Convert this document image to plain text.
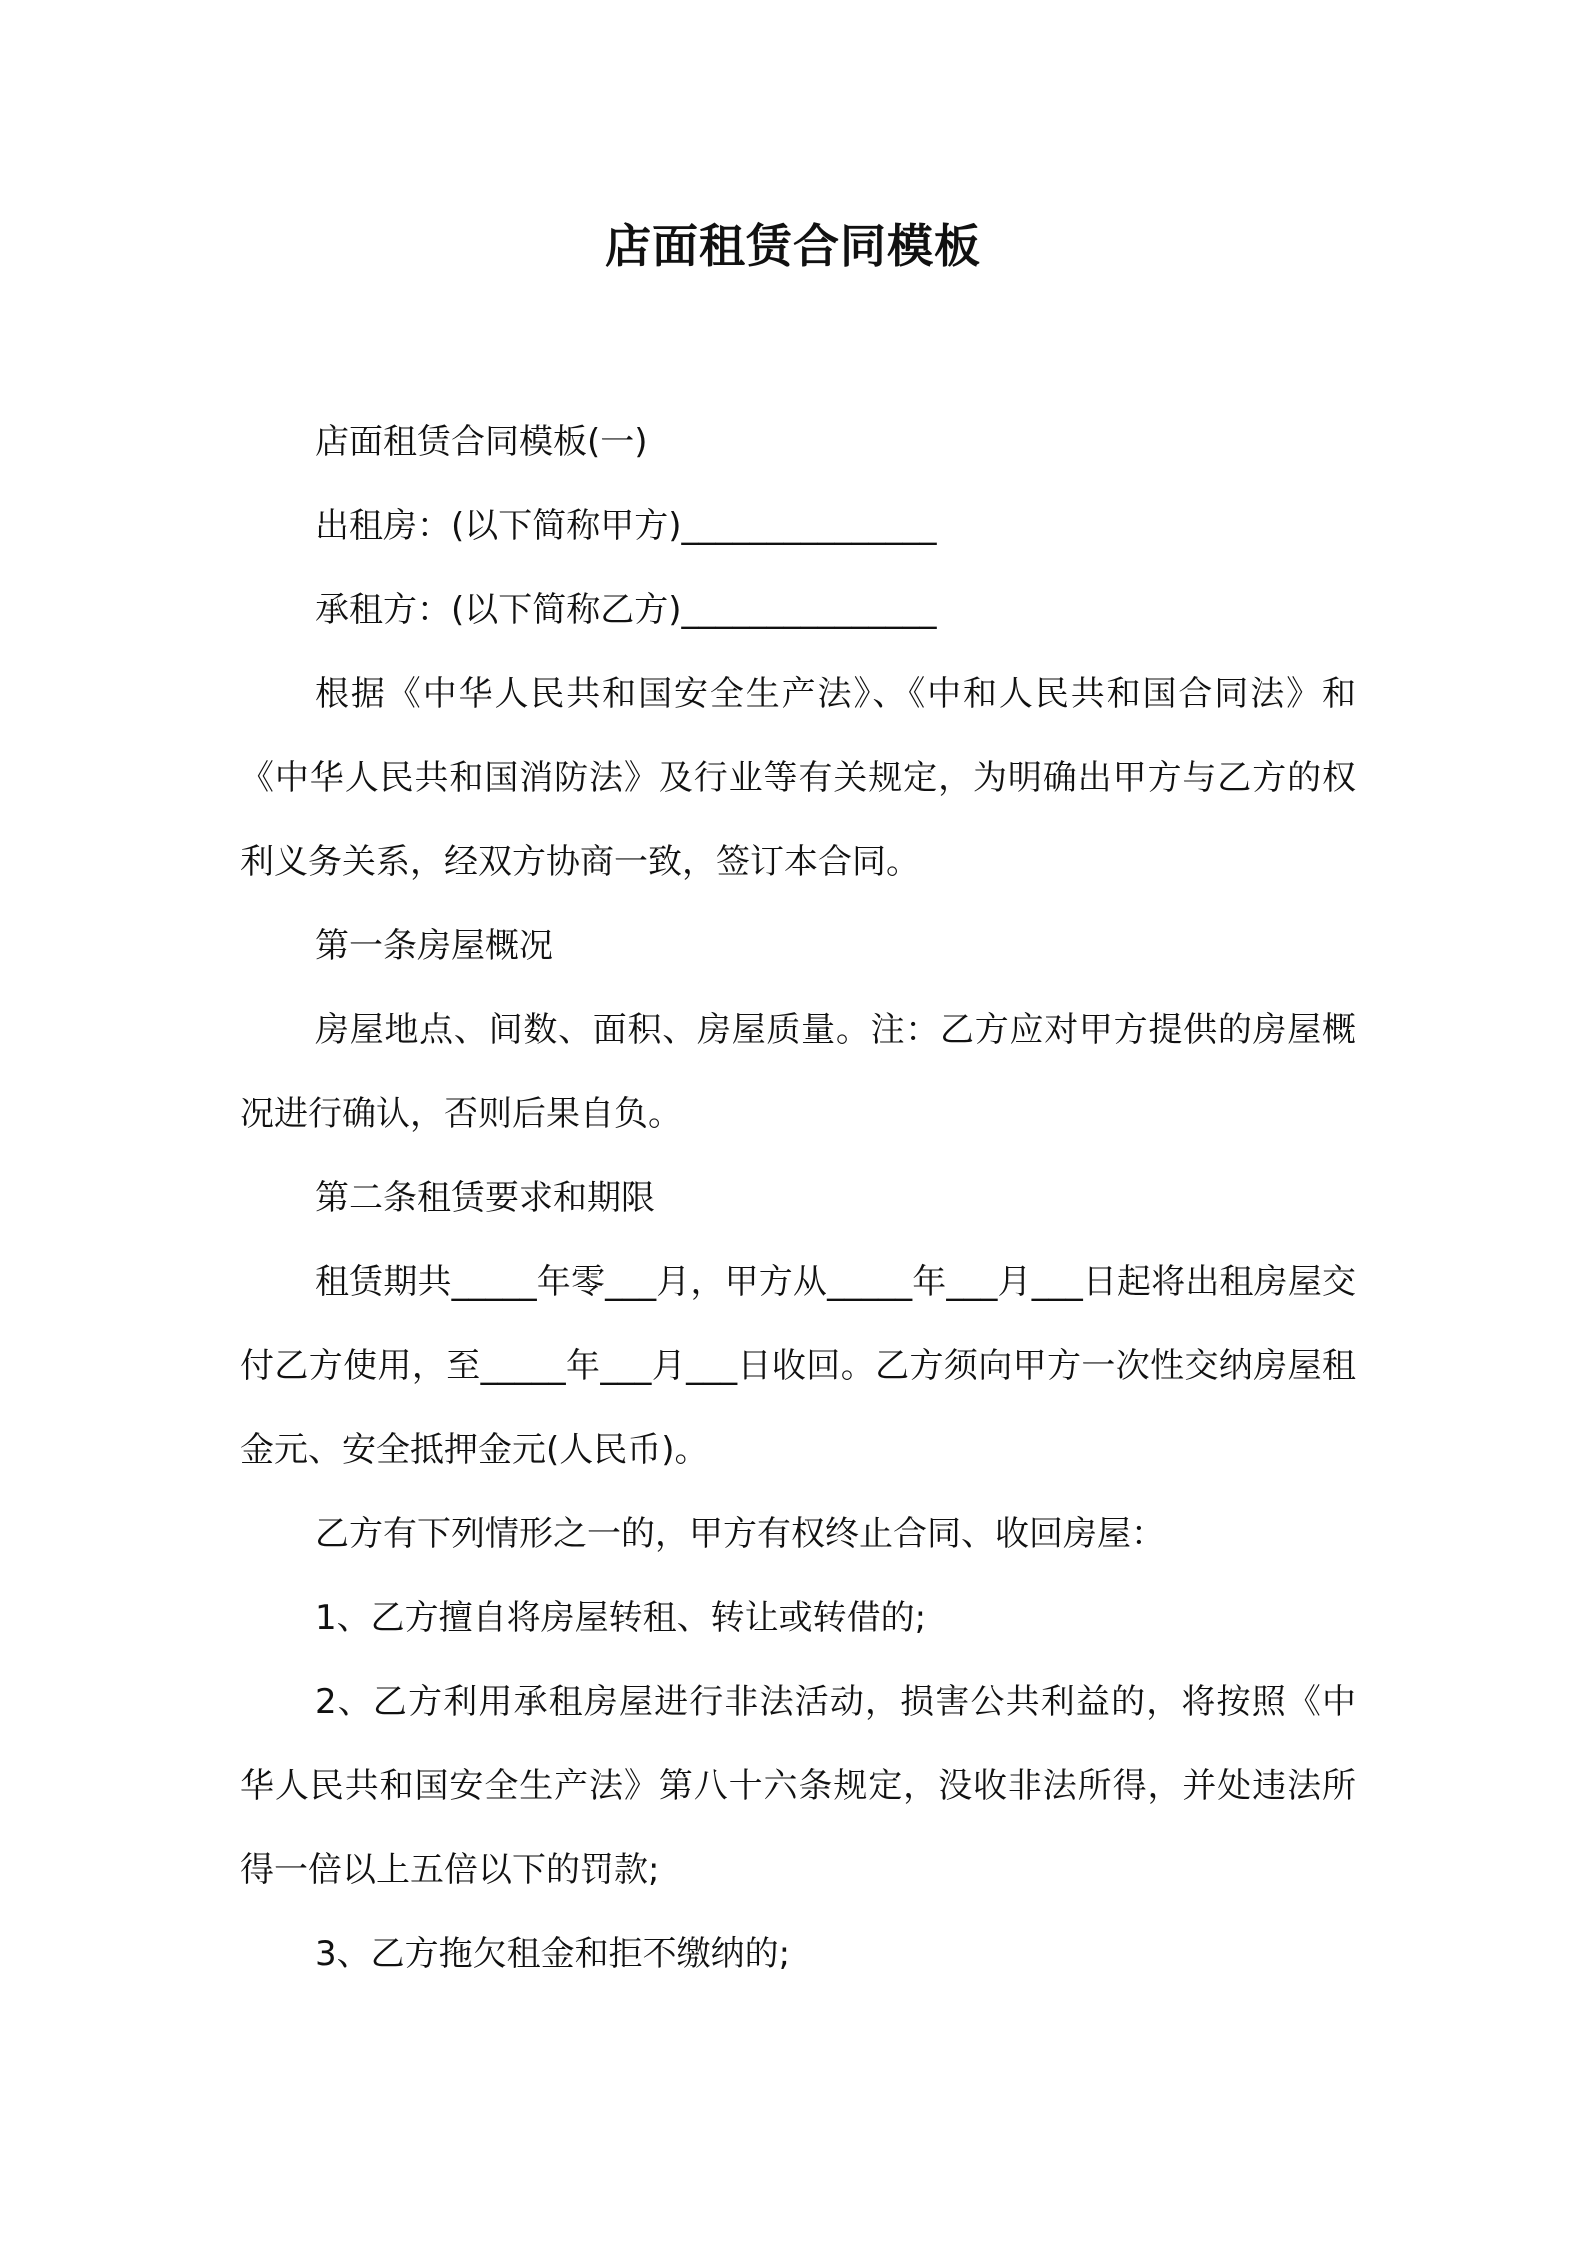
店面租赁合同模板

店面租赁合同模板(一)

出租房：(以下简称甲方)_______________

承租方：(以下简称乙方)_______________

根据《中华人民共和国安全生产法》、《中和人民共和国合同法》和《中华人民共和国消防法》及行业等有关规定，为明确出甲方与乙方的权利义务关系，经双方协商一致，签订本合同。

第一条房屋概况

房屋地点、间数、面积、房屋质量。注：乙方应对甲方提供的房屋概况进行确认，否则后果自负。

第二条租赁要求和期限

租赁期共_____年零___月，甲方从_____年___月___日起将出租房屋交付乙方使用，至_____年___月___日收回。乙方须向甲方一次性交纳房屋租金元、安全抵押金元(人民币)。

乙方有下列情形之一的，甲方有权终止合同、收回房屋：

1、乙方擅自将房屋转租、转让或转借的;

2、乙方利用承租房屋进行非法活动，损害公共利益的，将按照《中华人民共和国安全生产法》第八十六条规定，没收非法所得，并处违法所得一倍以上五倍以下的罚款;

3、乙方拖欠租金和拒不缴纳的;
